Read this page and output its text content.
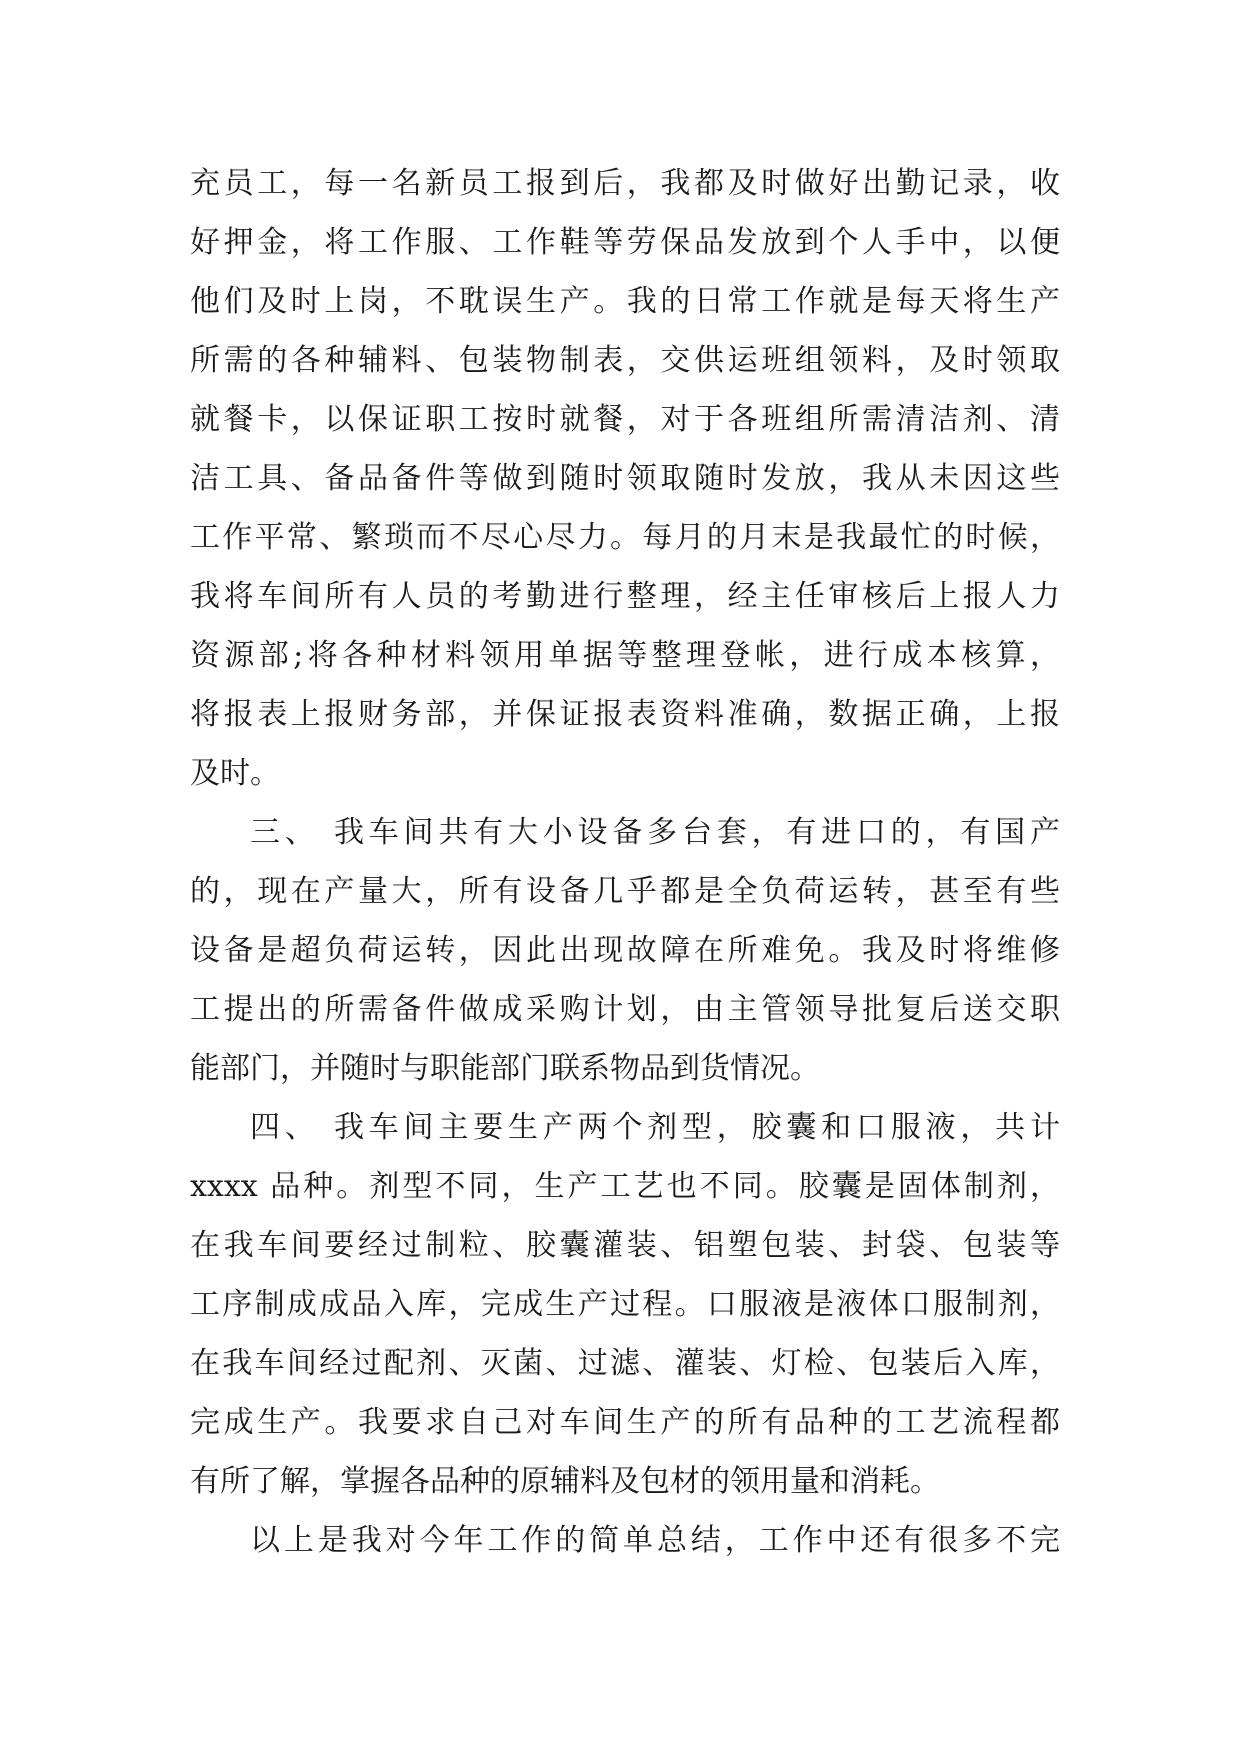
充员工，每一名新员工报到后，我都及时做好出勤记录，收
好押金，将工作服、工作鞋等劳保品发放到个人手中，以便
他们及时上岗，不耽误生产。我的日常工作就是每天将生产
所需的各种辅料、包装物制表，交供运班组领料，及时领取
就餐卡，以保证职工按时就餐，对于各班组所需清洁剂、清
洁工具、备品备件等做到随时领取随时发放，我从未因这些
工作平常、繁琐而不尽心尽力。每月的月末是我最忙的时候，
我将车间所有人员的考勤进行整理，经主任审核后上报人力
资源部;将各种材料领用单据等整理登帐，进行成本核算，
将报表上报财务部，并保证报表资料准确，数据正确，上报
及时。
三、 我车间共有大小设备多台套，有进口的，有国产
的，现在产量大，所有设备几乎都是全负荷运转，甚至有些
设备是超负荷运转，因此出现故障在所难免。我及时将维修
工提出的所需备件做成采购计划，由主管领导批复后送交职
能部门，并随时与职能部门联系物品到货情况。
四、 我车间主要生产两个剂型，胶囊和口服液，共计
xxxx 品种。剂型不同，生产工艺也不同。胶囊是固体制剂，
在我车间要经过制粒、胶囊灌装、铝塑包装、封袋、包装等
工序制成成品入库，完成生产过程。口服液是液体口服制剂，
在我车间经过配剂、灭菌、过滤、灌装、灯检、包装后入库，
完成生产。我要求自己对车间生产的所有品种的工艺流程都
有所了解，掌握各品种的原辅料及包材的领用量和消耗。
以上是我对今年工作的简单总结，工作中还有很多不完
